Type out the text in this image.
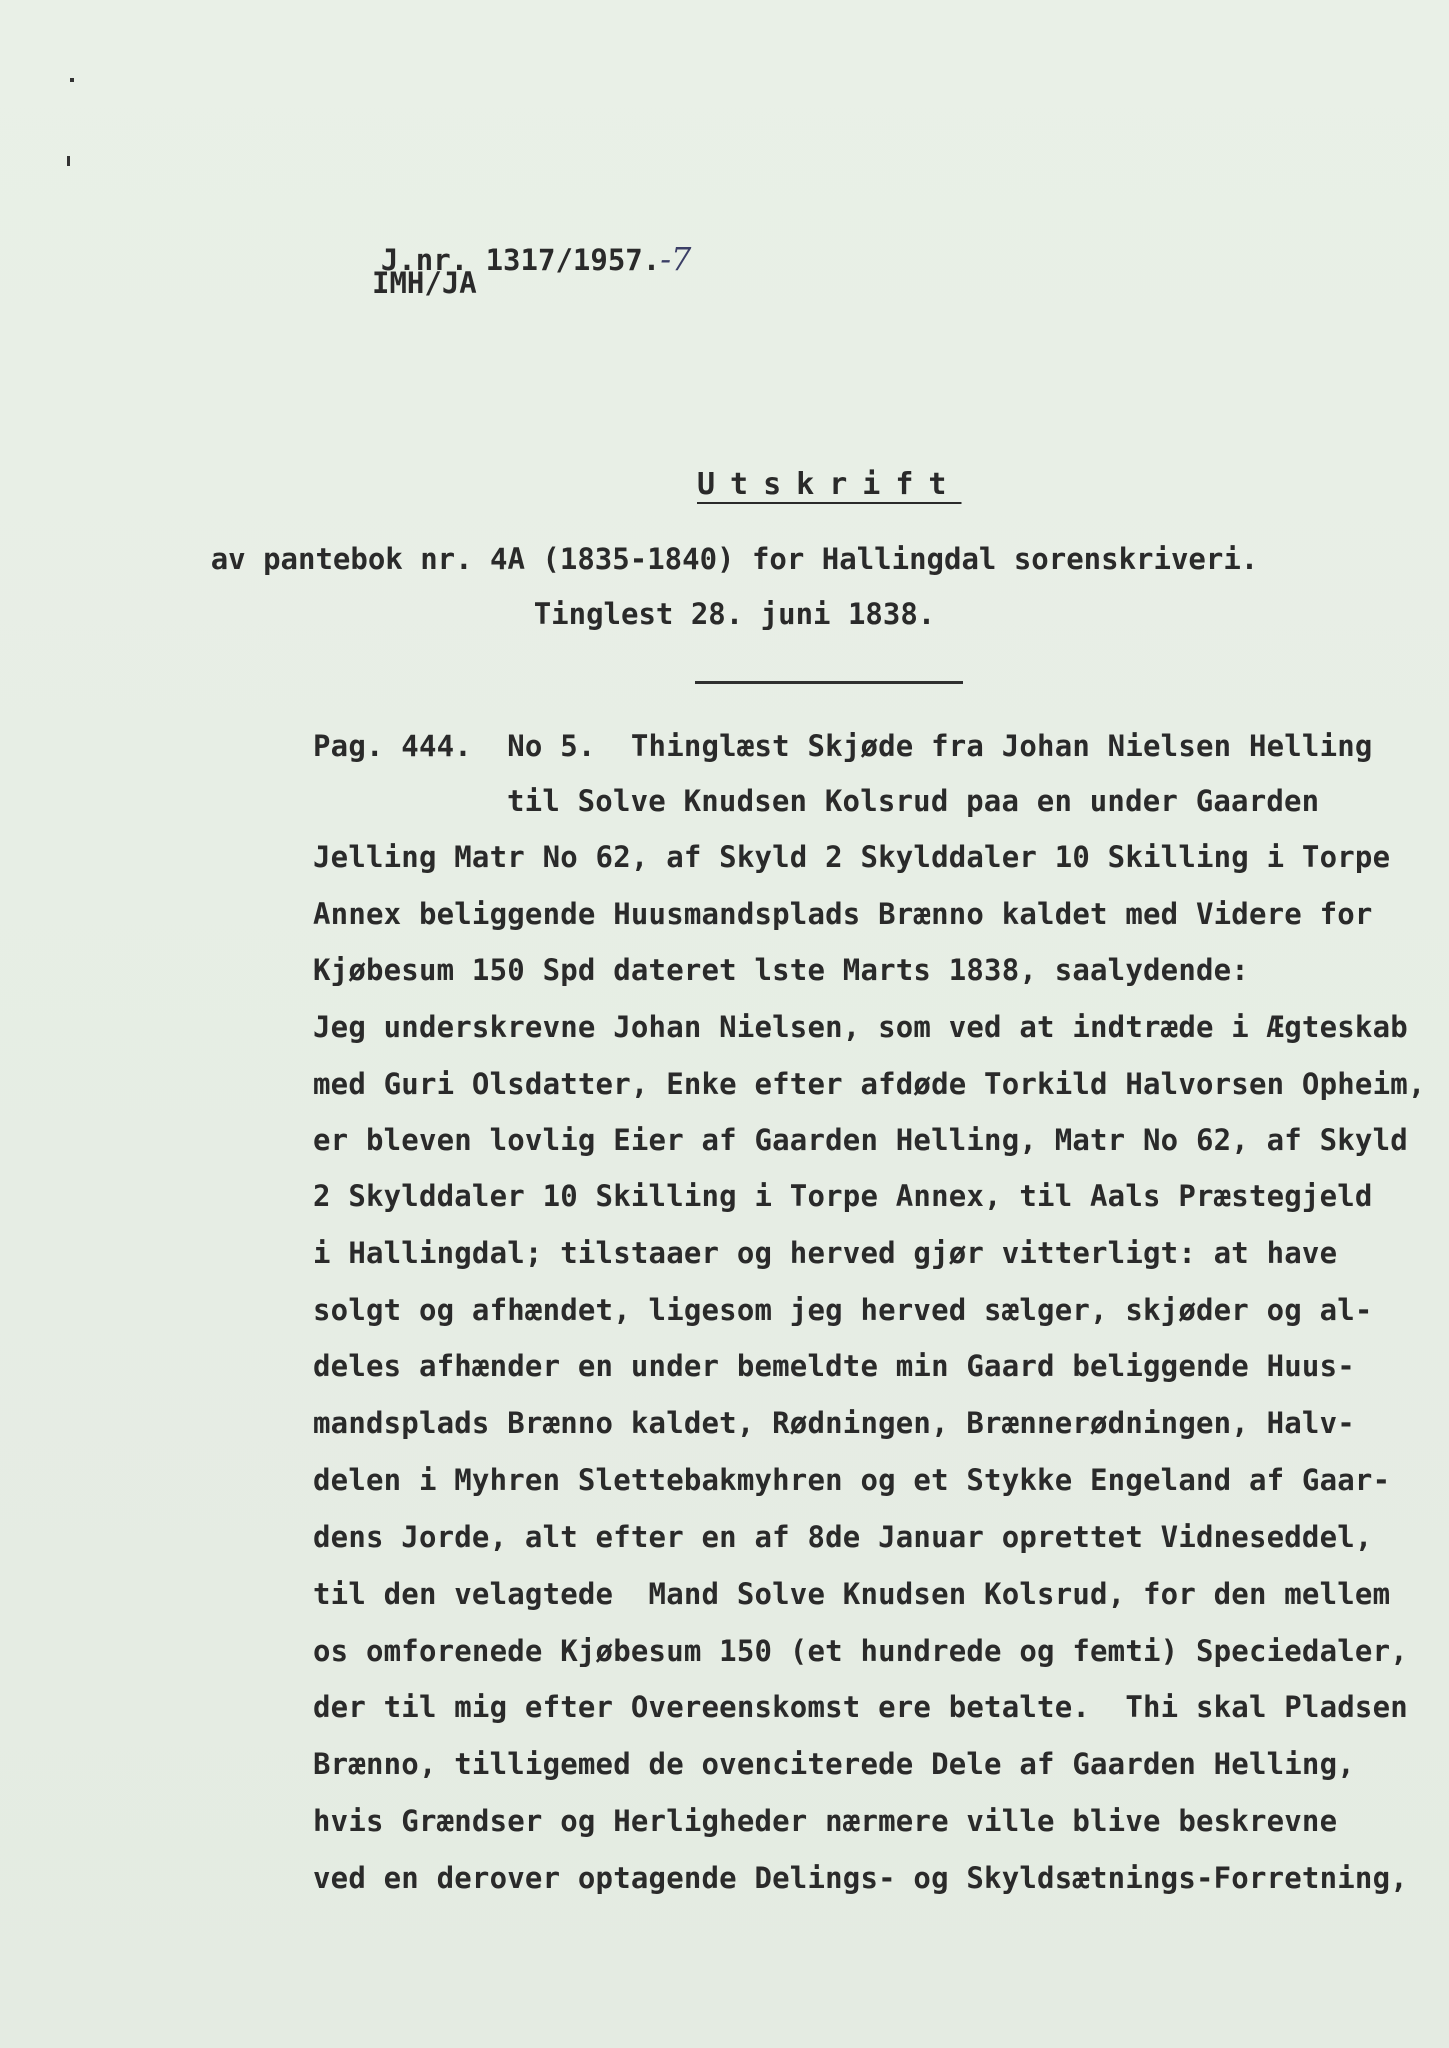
J.nr. 1317/1957.-7

IMH/JA
Utskrift
av pantebok nr. 4A (1835-1840) for Hallingdal sorenskriveri.
Tinglest 28. juni 1838.
Pag. 444.  No 5.  Thinglæst Skjøde fra Johan Nielsen Helling
til Solve Knudsen Kolsrud paa en under Gaarden
Jelling Matr No 62, af Skyld 2 Skylddaler 10 Skilling i Torpe
Annex beliggende Huusmandsplads Brænno kaldet med Videre for
Kjøbesum 150 Spd dateret lste Marts 1838, saalydende:
Jeg underskrevne Johan Nielsen, som ved at indtræde i Ægteskab
med Guri Olsdatter, Enke efter afdøde Torkild Halvorsen Opheim,
er bleven lovlig Eier af Gaarden Helling, Matr No 62, af Skyld
2 Skylddaler 10 Skilling i Torpe Annex, til Aals Præstegjeld
i Hallingdal; tilstaaer og herved gjør vitterligt: at have
solgt og afhændet, ligesom jeg herved sælger, skjøder og al-
deles afhænder en under bemeldte min Gaard beliggende Huus-
mandsplads Brænno kaldet, Rødningen, Brænnerødningen, Halv-
delen i Myhren Slettebakmyhren og et Stykke Engeland af Gaar-
dens Jorde, alt efter en af 8de Januar oprettet Vidneseddel,
til den velagtede  Mand Solve Knudsen Kolsrud, for den mellem
os omforenede Kjøbesum 150 (et hundrede og femti) Speciedaler,
der til mig efter Overeenskomst ere betalte.  Thi skal Pladsen
Brænno, tilligemed de ovenciterede Dele af Gaarden Helling,
hvis Grændser og Herligheder nærmere ville blive beskrevne
ved en derover optagende Delings- og Skyldsætnings-Forretning,
